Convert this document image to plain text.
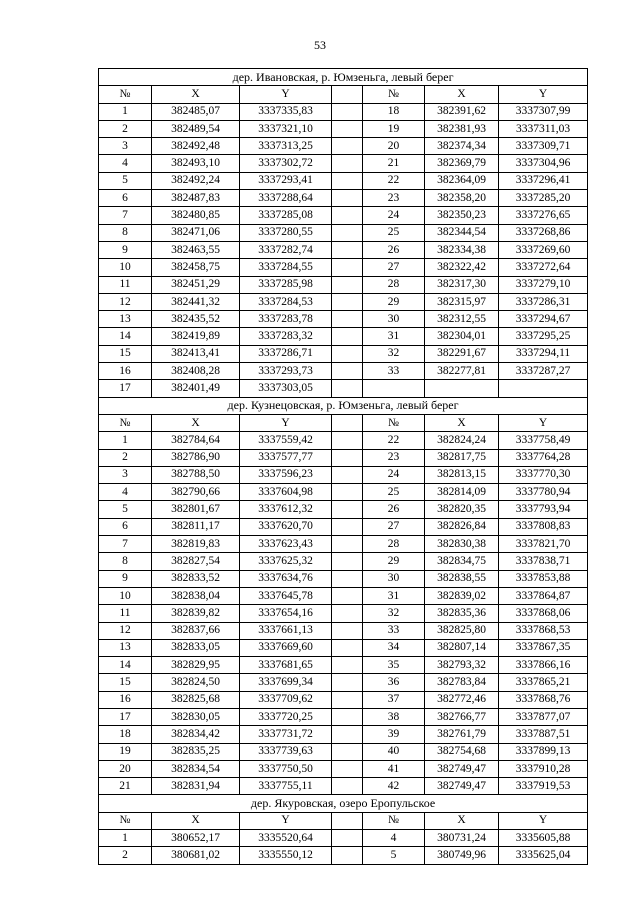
53
дер. Ивановская, р. Юмзеньга, левый берег						
№	X	Y		№	X	Y
1	382485,07	3337335,83		18	382391,62	3337307,99
2	382489,54	3337321,10		19	382381,93	3337311,03
3	382492,48	3337313,25		20	382374,34	3337309,71
4	382493,10	3337302,72		21	382369,79	3337304,96
5	382492,24	3337293,41		22	382364,09	3337296,41
6	382487,83	3337288,64		23	382358,20	3337285,20
7	382480,85	3337285,08		24	382350,23	3337276,65
8	382471,06	3337280,55		25	382344,54	3337268,86
9	382463,55	3337282,74		26	382334,38	3337269,60
10	382458,75	3337284,55		27	382322,42	3337272,64
11	382451,29	3337285,98		28	382317,30	3337279,10
12	382441,32	3337284,53		29	382315,97	3337286,31
13	382435,52	3337283,78		30	382312,55	3337294,67
14	382419,89	3337283,32		31	382304,01	3337295,25
15	382413,41	3337286,71		32	382291,67	3337294,11
16	382408,28	3337293,73		33	382277,81	3337287,27
17	382401,49	3337303,05				
дер. Кузнецовская, р. Юмзеньга, левый берег						
№	X	Y		№	X	Y
1	382784,64	3337559,42		22	382824,24	3337758,49
2	382786,90	3337577,77		23	382817,75	3337764,28
3	382788,50	3337596,23		24	382813,15	3337770,30
4	382790,66	3337604,98		25	382814,09	3337780,94
5	382801,67	3337612,32		26	382820,35	3337793,94
6	382811,17	3337620,70		27	382826,84	3337808,83
7	382819,83	3337623,43		28	382830,38	3337821,70
8	382827,54	3337625,32		29	382834,75	3337838,71
9	382833,52	3337634,76		30	382838,55	3337853,88
10	382838,04	3337645,78		31	382839,02	3337864,87
11	382839,82	3337654,16		32	382835,36	3337868,06
12	382837,66	3337661,13		33	382825,80	3337868,53
13	382833,05	3337669,60		34	382807,14	3337867,35
14	382829,95	3337681,65		35	382793,32	3337866,16
15	382824,50	3337699,34		36	382783,84	3337865,21
16	382825,68	3337709,62		37	382772,46	3337868,76
17	382830,05	3337720,25		38	382766,77	3337877,07
18	382834,42	3337731,72		39	382761,79	3337887,51
19	382835,25	3337739,63		40	382754,68	3337899,13
20	382834,54	3337750,50		41	382749,47	3337910,28
21	382831,94	3337755,11		42	382749,47	3337919,53
дер. Якуровская, озеро Еропульское						
№	X	Y		№	X	Y
1	380652,17	3335520,64		4	380731,24	3335605,88
2	380681,02	3335550,12		5	380749,96	3335625,04
